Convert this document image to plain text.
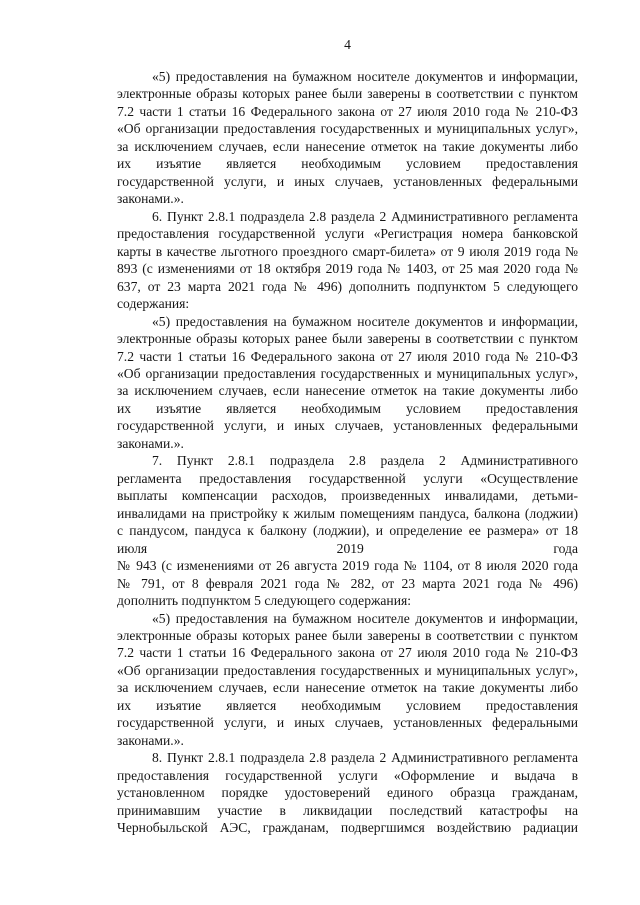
4
«5) предоставления на бумажном носителе документов и информации,
электронные образы которых ранее были заверены в соответствии с пунктом
7.2 части 1 статьи 16 Федерального закона от 27 июля 2010 года № 210-ФЗ
«Об организации предоставления государственных и муниципальных услуг»,
за исключением случаев, если нанесение отметок на такие документы либо
их изъятие является необходимым условием предоставления
государственной услуги, и иных случаев, установленных федеральными
законами.».
6. Пункт 2.8.1 подраздела 2.8 раздела 2 Административного регламента
предоставления государственной услуги «Регистрация номера банковской
карты в качестве льготного проездного смарт-билета» от 9 июля 2019 года №
893 (с изменениями от 18 октября 2019 года № 1403, от 25 мая 2020 года №
637, от 23 марта 2021 года № 496) дополнить подпунктом 5 следующего
содержания:
«5) предоставления на бумажном носителе документов и информации,
электронные образы которых ранее были заверены в соответствии с пунктом
7.2 части 1 статьи 16 Федерального закона от 27 июля 2010 года № 210-ФЗ
«Об организации предоставления государственных и муниципальных услуг»,
за исключением случаев, если нанесение отметок на такие документы либо
их изъятие является необходимым условием предоставления
государственной услуги, и иных случаев, установленных федеральными
законами.».
7. Пункт 2.8.1 подраздела 2.8 раздела 2 Административного
регламента предоставления государственной услуги «Осуществление
выплаты компенсации расходов, произведенных инвалидами, детьми-
инвалидами на пристройку к жилым помещениям пандуса, балкона (лоджии)
с пандусом, пандуса к балкону (лоджии), и определение ее размера» от 18
июля 2019 года
№ 943 (с изменениями от 26 августа 2019 года № 1104, от 8 июля 2020 года
№ 791, от 8 февраля 2021 года № 282, от 23 марта 2021 года № 496)
дополнить подпунктом 5 следующего содержания:
«5) предоставления на бумажном носителе документов и информации,
электронные образы которых ранее были заверены в соответствии с пунктом
7.2 части 1 статьи 16 Федерального закона от 27 июля 2010 года № 210-ФЗ
«Об организации предоставления государственных и муниципальных услуг»,
за исключением случаев, если нанесение отметок на такие документы либо
их изъятие является необходимым условием предоставления
государственной услуги, и иных случаев, установленных федеральными
законами.».
8. Пункт 2.8.1 подраздела 2.8 раздела 2 Административного регламента
предоставления государственной услуги «Оформление и выдача в
установленном порядке удостоверений единого образца гражданам,
принимавшим участие в ликвидации последствий катастрофы на
Чернобыльской АЭС, гражданам, подвергшимся воздействию радиации
